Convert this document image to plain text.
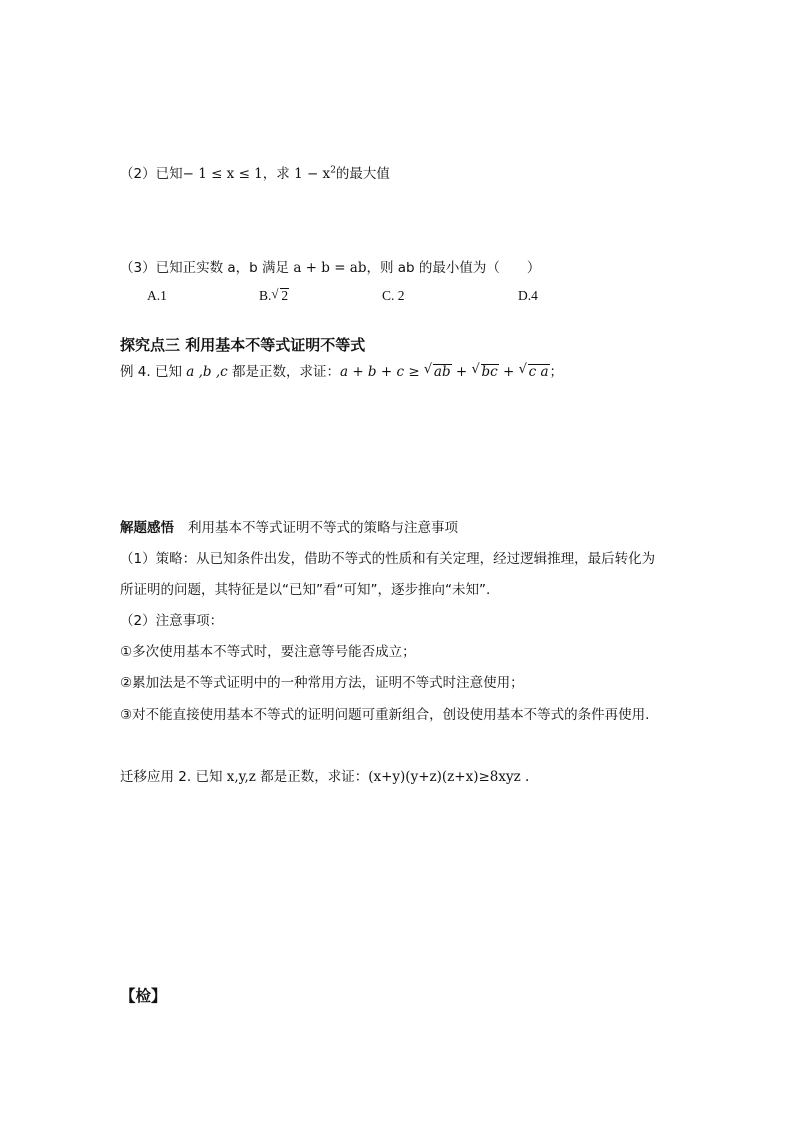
（2）已知− 1 ≤ x ≤ 1，求 $1 - x^2$的最大值
（3）已知正实数 a，b 满足 a + b = ab，则 ab 的最小值为（　　）
A.1	B. √ 2	C. 2	D.4
探究点三 利用基本不等式证明不等式
例 4. 已知 a ,b ,c 都是正数，求证：a + b + c ≥ √ ab + √ bc + √ c a；
解题感悟 利用基本不等式证明不等式的策略与注意事项
（1）策略：从已知条件出发，借助不等式的性质和有关定理，经过逻辑推理，最后转化为
所证明的问题，其特征是以“已知”看“可知”，逐步推向“未知”.
（2）注意事项：
①多次使用基本不等式时，要注意等号能否成立；
②累加法是不等式证明中的一种常用方法，证明不等式时注意使用；
③对不能直接使用基本不等式的证明问题可重新组合，创设使用基本不等式的条件再使用.
迁移应用 2. 已知 x,y,z 都是正数，求证：(x+y)(y+z)(z+x)≥8xyz .
【检】
